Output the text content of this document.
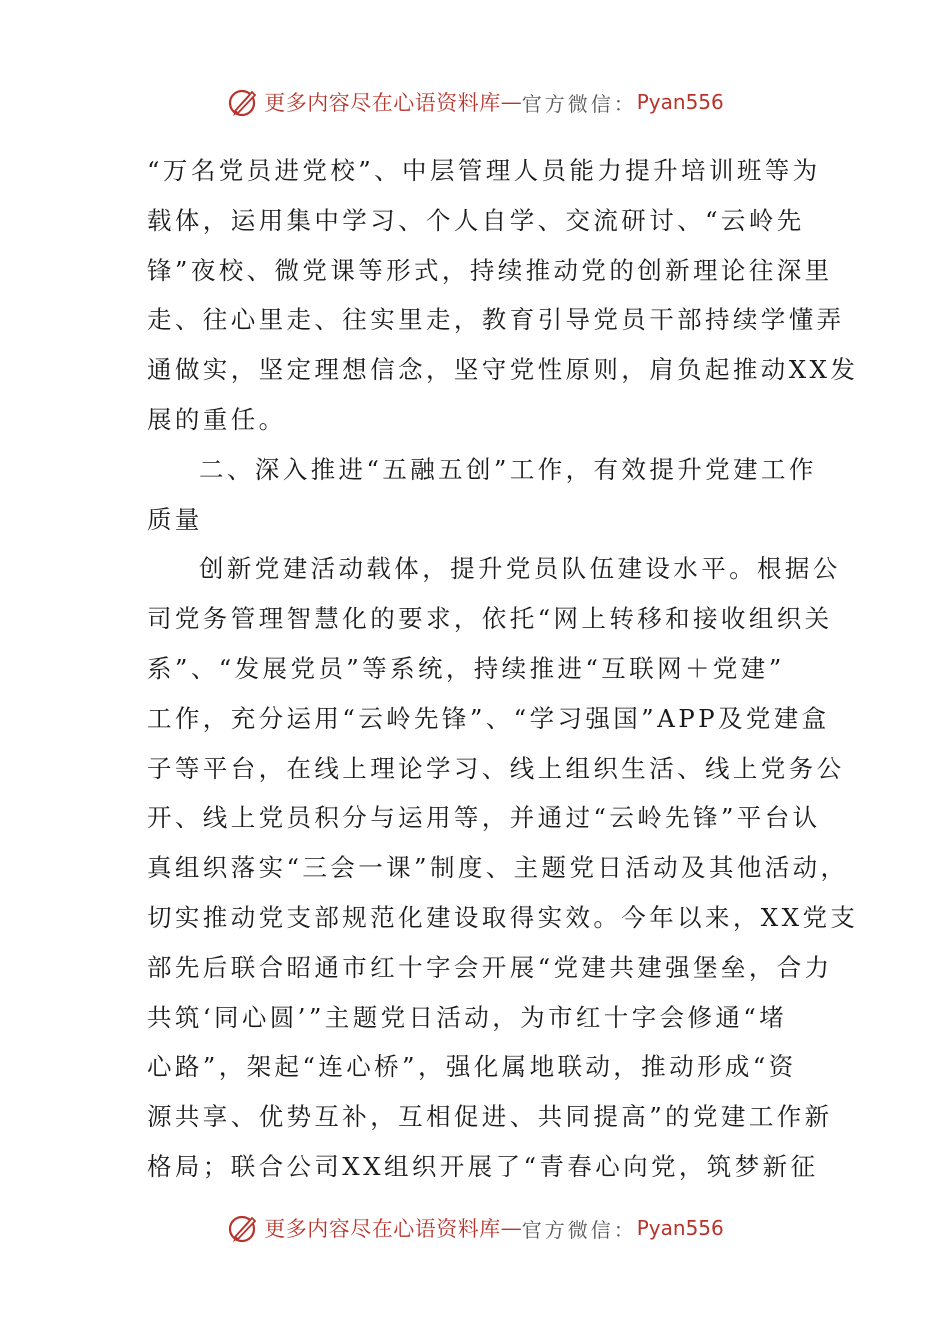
更多内容尽在心语资料库 — 官方微信： Pyan556
“万名党员进党校”、中层管理人员能力提升培训班等为
载体，运用集中学习、个人自学、交流研讨、“云岭先
锋”夜校、微党课等形式，持续推动党的创新理论往深里
走、往心里走、往实里走，教育引导党员干部持续学懂弄
通做实，坚定理想信念，坚守党性原则，肩负起推动XX发
展的重任。
二、深入推进“五融五创”工作，有效提升党建工作
质量
创新党建活动载体，提升党员队伍建设水平。根据公
司党务管理智慧化的要求，依托“网上转移和接收组织关
系”、“发展党员”等系统，持续推进“互联网＋党建”
工作，充分运用“云岭先锋”、“学习强国”APP及党建盒
子等平台，在线上理论学习、线上组织生活、线上党务公
开、线上党员积分与运用等，并通过“云岭先锋”平台认
真组织落实“三会一课”制度、主题党日活动及其他活动，
切实推动党支部规范化建设取得实效。今年以来，XX党支
部先后联合昭通市红十字会开展“党建共建强堡垒，合力
共筑‘同心圆’”主题党日活动，为市红十字会修通“堵
心路”，架起“连心桥”，强化属地联动，推动形成“资
源共享、优势互补，互相促进、共同提高”的党建工作新
格局；联合公司XX组织开展了“青春心向党，筑梦新征
更多内容尽在心语资料库 — 官方微信： Pyan556
